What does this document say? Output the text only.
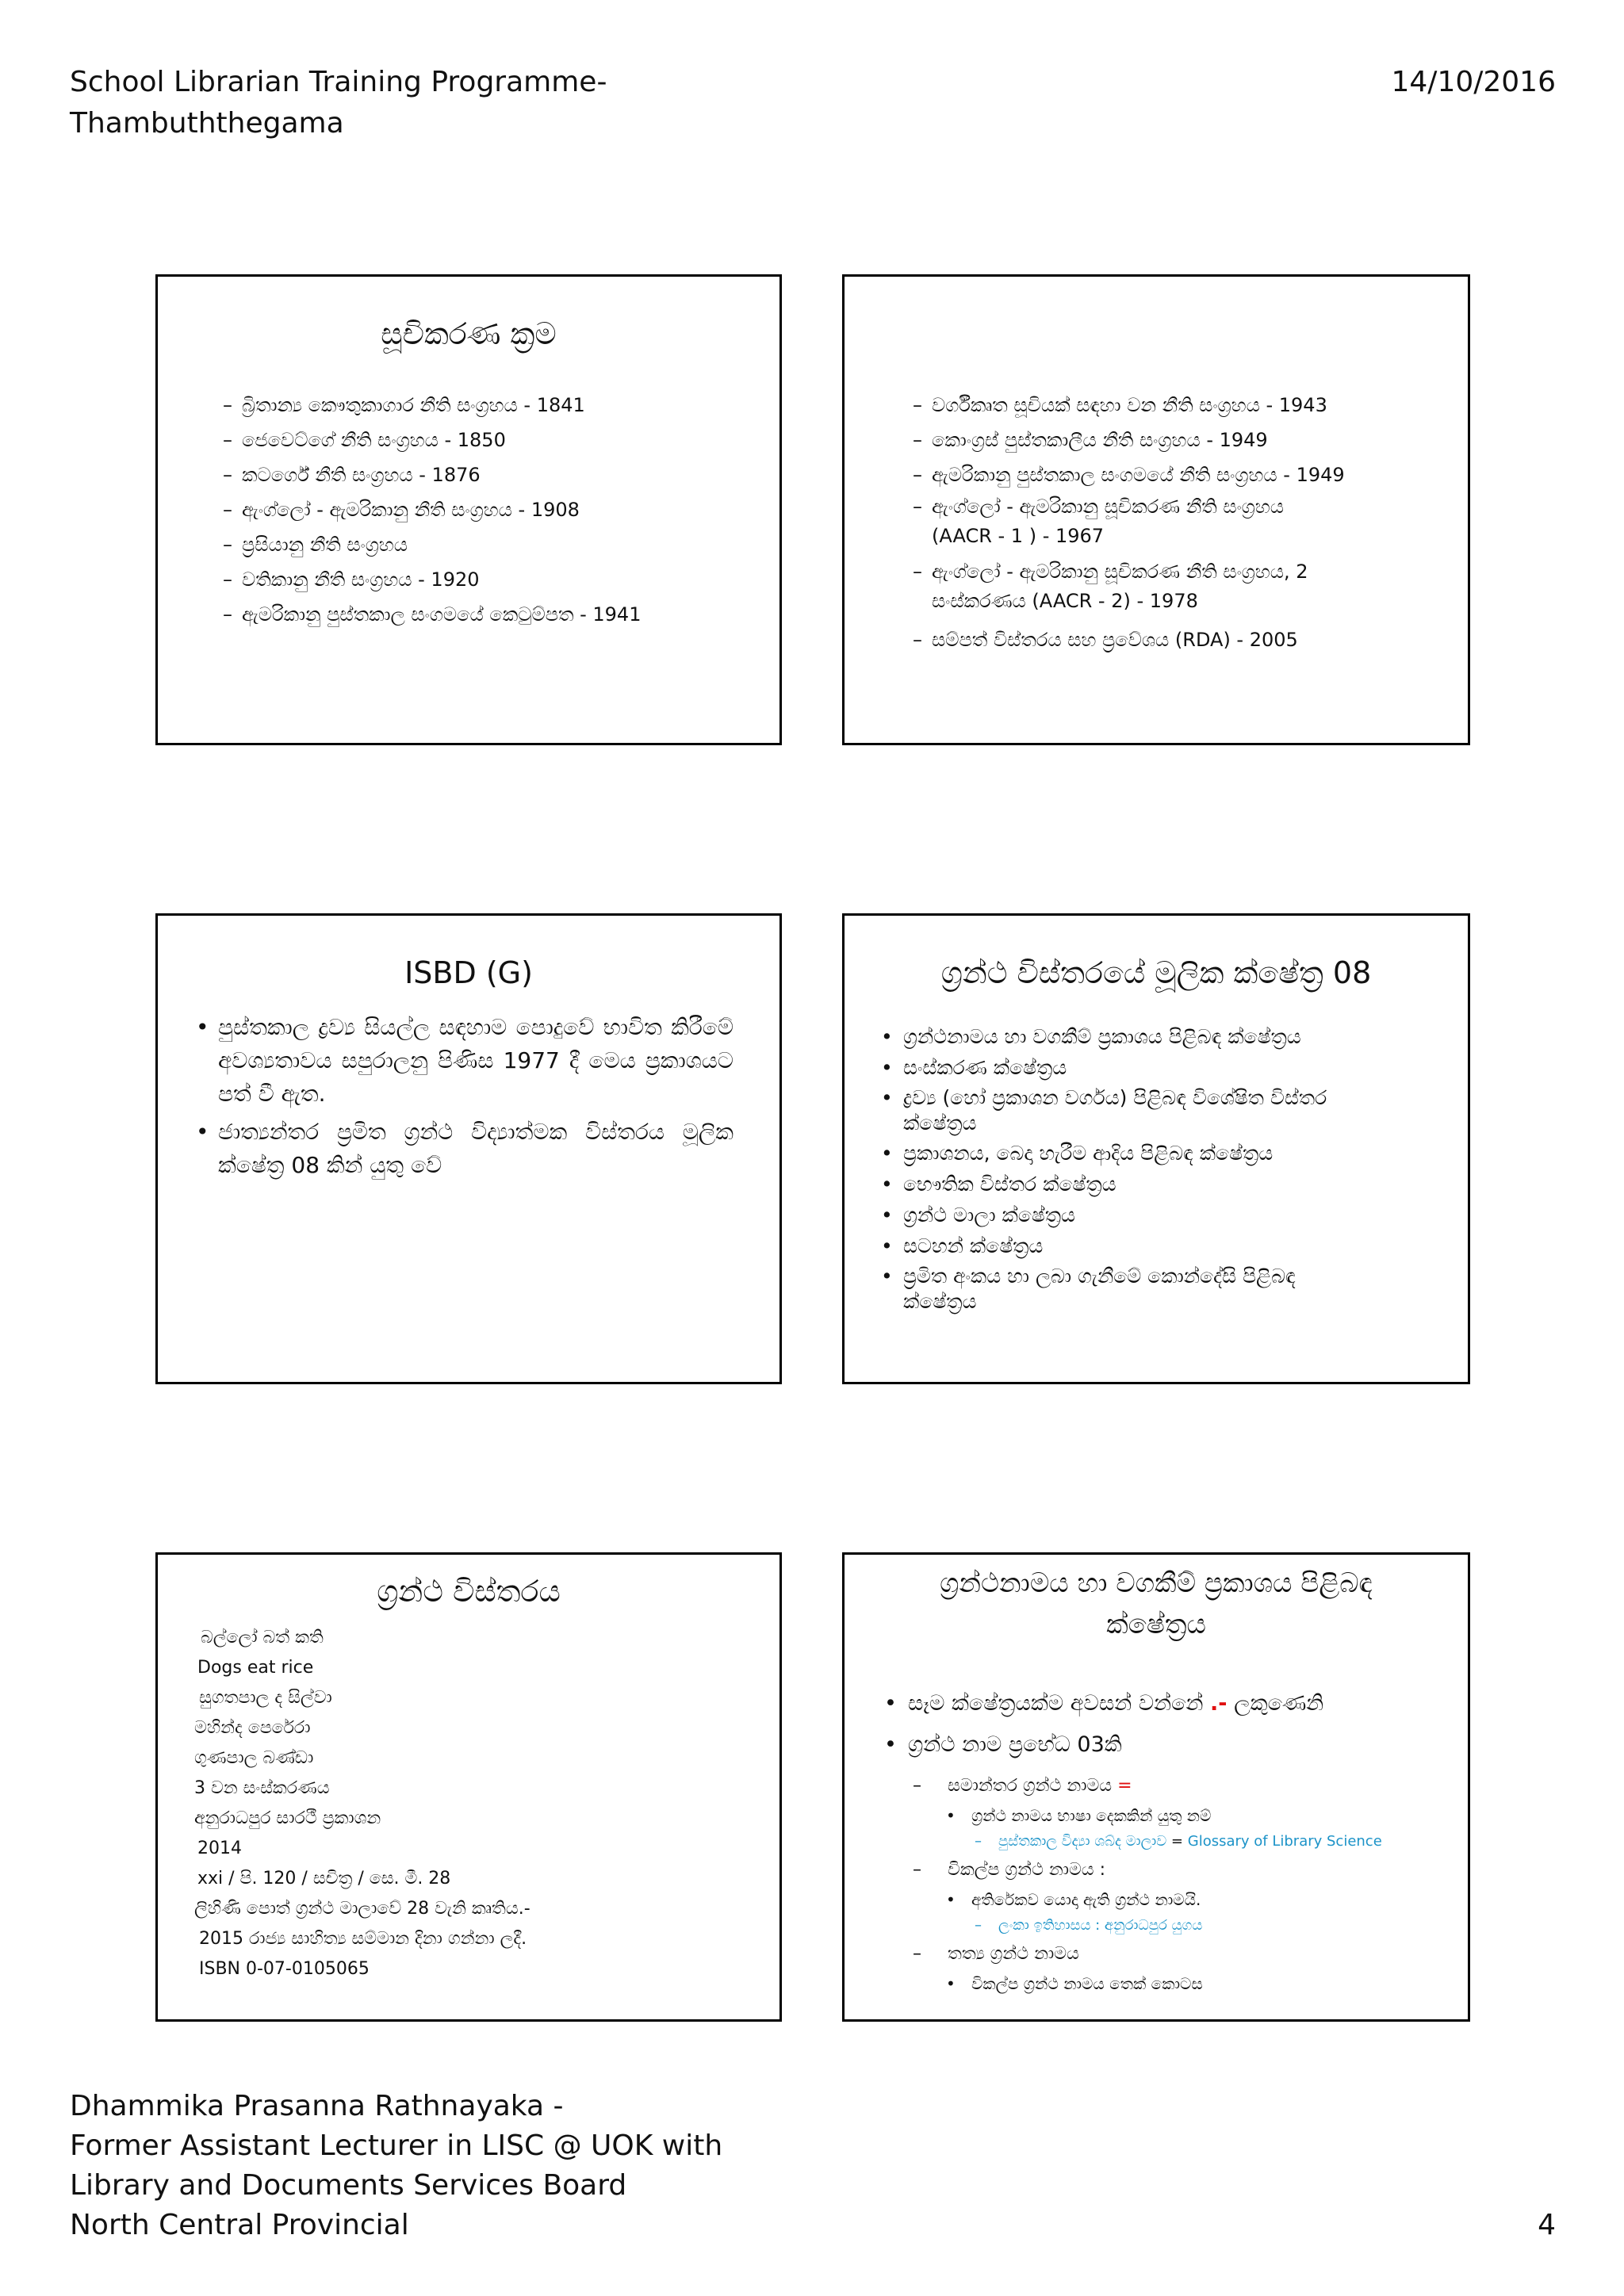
School Librarian Training Programme-
Thambuththegama
14/10/2016
සූචිකරණ ක්‍රම
– බ්‍රිතාන්‍ය කෞතුකාගාර නීති සංග්‍රහය - 1841
– ජෙවෙට්ගේ නීති සංග්‍රහය - 1850
– කටර්ගේ නීති සංග්‍රහය - 1876
– ඇංග්ලෝ - ඇමරිකානු නීති සංග්‍රහය - 1908
– ප්‍රසියානු නීති සංග්‍රහය
– වතිකානු නීති සංග්‍රහය - 1920
– ඇමරිකානු පුස්තකාල සංගමයේ කෙටුම්පත - 1941
– වර්ගීකෘත සූචියක් සඳහා වන නීති සංග්‍රහය - 1943
– කොංග්‍රස් පුස්තකාලීය නීති සංග්‍රහය - 1949
– ඇමරිකානු පුස්තකාල සංගමයේ නීති සංග්‍රහය - 1949
– ඇංග්ලෝ - ඇමරිකානු සූචිකරණ නීති සංග්‍රහය
(AACR - 1 ) - 1967
– ඇංග්ලෝ - ඇමරිකානු සූචිකරණ නීති සංග්‍රහය, 2
සංස්කරණය (AACR - 2) - 1978
– සම්පත් විස්තරය සහ ප්‍රවේශය (RDA) - 2005
ISBD (G)
• පුස්තකාල ද්‍රව්‍ය සියල්ල සඳහාම පොදුවේ භාවිත කිරීමේ අවශ්‍යතාවය සපුරාලනු පිණිස 1977 දී මෙය ප්‍රකාශයට පත් වී ඇත.
• ජාත්‍යන්තර ප්‍රමිත ග්‍රන්ථ විද්‍යාත්මක විස්තරය මූලික ක්ෂේත්‍ර 08 කින් යුතු වේ
ග්‍රන්ථ විස්තරයේ මූලික ක්ෂේත්‍ර 08
• ග්‍රන්ථනාමය හා වගකීම් ප්‍රකාශය පිළිබඳ ක්ෂේත්‍රය
• සංස්කරණ ක්ෂේත්‍රය
• ද්‍රව්‍ය (හෝ ප්‍රකාශන වර්ගය) පිළිබඳ විශේෂිත විස්තර
ක්ෂේත්‍රය
• ප්‍රකාශනය, බෙදා හැරීම ආදිය පිළිබඳ ක්ෂේත්‍රය
• භෞතික විස්තර ක්ෂේත්‍රය
• ග්‍රන්ථ මාලා ක්ෂේත්‍රය
• සටහන් ක්ෂේත්‍රය
• ප්‍රමිත අංකය හා ලබා ගැනීමේ කොන්දේසි පිළිබඳ
ක්ෂේත්‍රය
ග්‍රන්ථ විස්තරය
බල්ලෝ බත් කති
Dogs eat rice
සුගතපාල ද සිල්වා
මහින්ද පෙරේරා
ගුණපාල බණ්ඩා
3 වන සංස්කරණය
අනුරාධපුර සාරථී ප්‍රකාශන
2014
xxi / පි. 120 / සචිත්‍ර / සෙ. මී. 28
ලිහිණි පොත් ග්‍රන්ථ මාලාවේ 28 වැනි කෘතිය.-
2015 රාජ්‍ය සාහිත්‍ය සම්මාන දිනා ගන්නා ලදී.
ISBN 0-07-0105065
ග්‍රන්ථනාමය හා වගකීම් ප්‍රකාශය පිළිබඳ
ක්ෂේත්‍රය
• සෑම ක්ෂේත්‍රයක්ම අවසන් වන්නේ .- ලකුණෙනි
• ග්‍රන්ථ නාම ප්‍රභේධ 03කි
– සමාන්තර ග්‍රන්ථ නාමය =
• ග්‍රන්ථ නාමය භාෂා දෙකකින් යුතු නම්
– පුස්තකාල විද්‍යා ශබ්ද මාලාව = Glossary of Library Science
– විකල්ප ග්‍රන්ථ නාමය :
• අතිරේකව යොදා ඇති ග්‍රන්ථ නාමයි.
– ලංකා ඉතිහාසය : අනුරාධපුර යුගය
– තත්‍ය ග්‍රන්ථ නාමය
• විකල්ප ග්‍රන්ථ නාමය තෙක් කොටස
Dhammika Prasanna Rathnayaka -
Former Assistant Lecturer in LISC @ UOK with
Library and Documents Services Board
North Central Provincial	4
